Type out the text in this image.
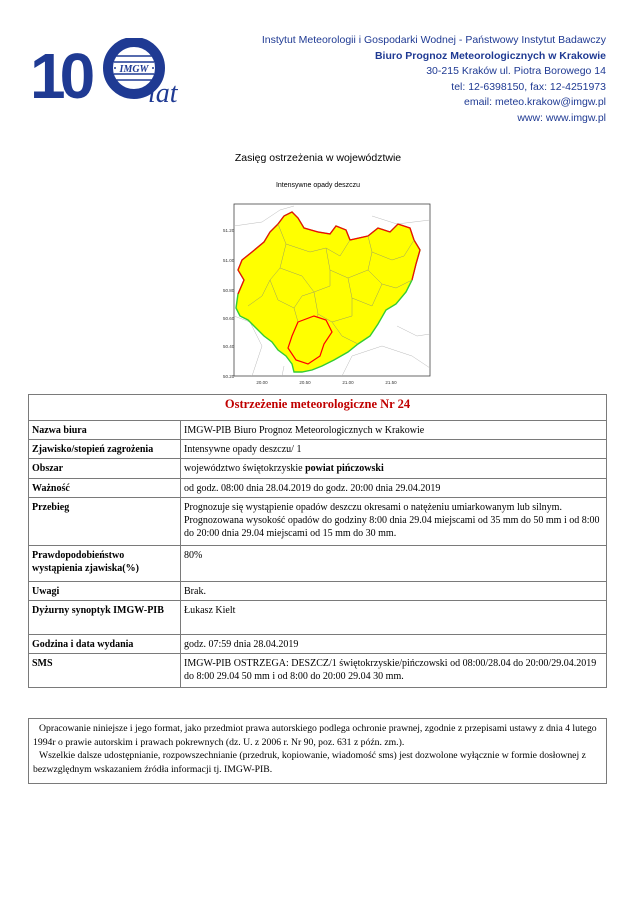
10	IMGW
lat
Instytut Meteorologii i Gospodarki Wodnej - Państwowy Instytut Badawczy
Biuro Prognoz Meteorologicznych w Krakowie
30-215 Kraków ul. Piotra Borowego 14
tel: 12-6398150, fax: 12-4251973
email: meteo.krakow@imgw.pl
www: www.imgw.pl
Zasięg ostrzeżenia w województwie
Intensywne opady deszczu
51.20
51.00
50.80
50.60
50.40
50.20
20.00	20.50	21.00	21.50
Ostrzeżenie meteorologiczne Nr 24	
Nazwa biura	IMGW-PIB Biuro Prognoz Meteorologicznych w Krakowie
Zjawisko/stopień zagrożenia	Intensywne opady deszczu/ 1
Obszar	województwo świętokrzyskie powiat pińczowski
Ważność	od godz. 08:00 dnia 28.04.2019 do godz. 20:00 dnia 29.04.2019
Przebieg	Prognozuje się wystąpienie opadów deszczu okresami o natężeniu umiarkowanym lub silnym. Prognozowana wysokość opadów do godziny 8:00 dnia 29.04 miejscami od 35 mm do 50 mm i od 8:00 do 20:00 dnia 29.04 miejscami od 15 mm do 30 mm.
Prawdopodobieństwo wystąpienia zjawiska(%)	80%
Uwagi	Brak.
Dyżurny synoptyk IMGW-PIB	Łukasz Kielt
Godzina i data wydania	godz. 07:59 dnia 28.04.2019
SMS	IMGW-PIB OSTRZEGA: DESZCZ/1 świętokrzyskie/pińczowski od 08:00/28.04 do 20:00/29.04.2019 do 8:00 29.04 50 mm i od 8:00 do 20:00 29.04 30 mm.
Opracowanie niniejsze i jego format, jako przedmiot prawa autorskiego podlega ochronie prawnej, zgodnie z przepisami ustawy z dnia 4 lutego 1994r o prawie autorskim i prawach pokrewnych (dz. U. z 2006 r. Nr 90, poz. 631 z późn. zm.).
Wszelkie dalsze udostępnianie, rozpowszechnianie (przedruk, kopiowanie, wiadomość sms) jest dozwolone wyłącznie w formie dosłownej z bezwzględnym wskazaniem źródła informacji tj. IMGW-PIB.
